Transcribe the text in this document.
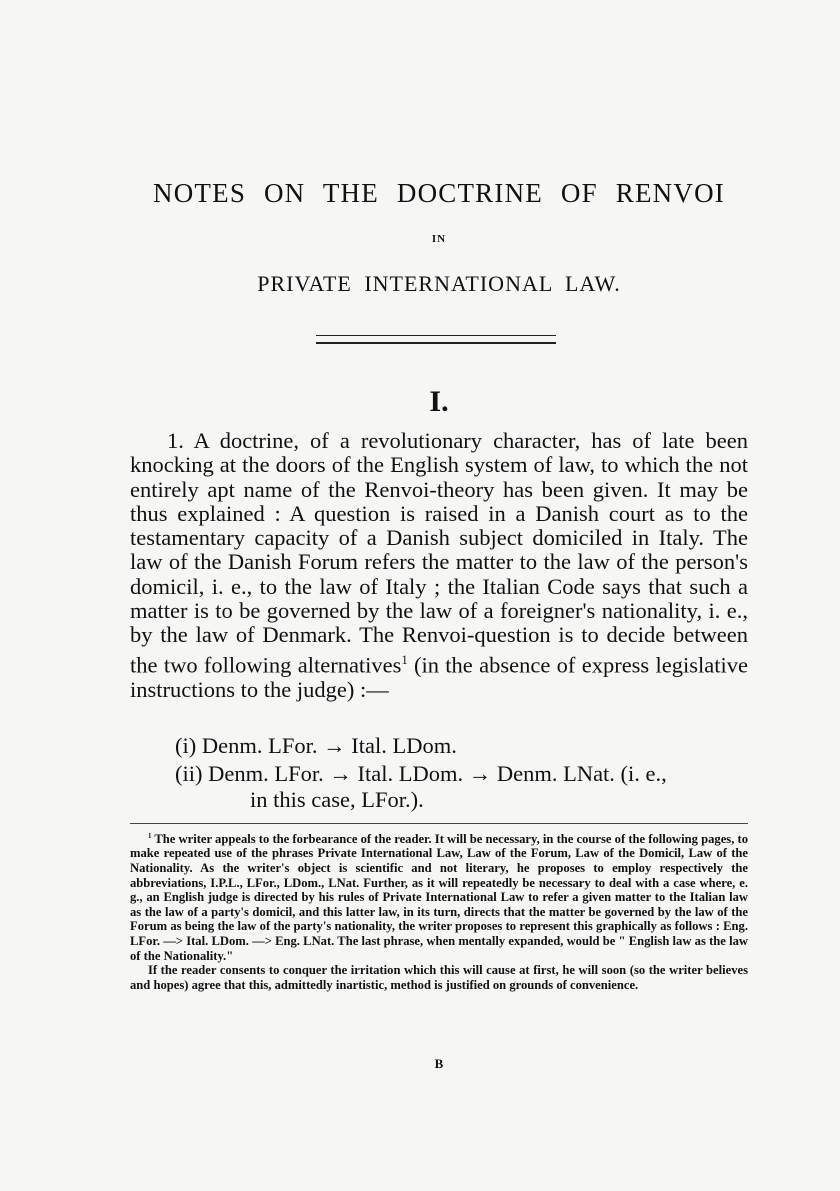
NOTES ON THE DOCTRINE OF RENVOI
IN
PRIVATE INTERNATIONAL LAW.
I.

1. A doctrine, of a revolutionary character, has of late been knocking at the doors of the English system of law, to which the not entirely apt name of the Renvoi-theory has been given. It may be thus explained : A question is raised in a Danish court as to the testamentary capacity of a Danish subject domiciled in Italy. The law of the Danish Forum refers the matter to the law of the person's domicil, i. e., to the law of Italy ; the Italian Code says that such a matter is to be governed by the law of a foreigner's nationality, i. e., by the law of Denmark. The Renvoi-question is to decide between the two following alternatives$^1$ (in the absence of express legislative instructions to the judge) :—

(i) Denm. LFor. → Ital. LDom.
(ii) Denm. LFor. → Ital. LDom. → Denm. LNat. (i. e.,
in this case, LFor.).

$^1$ The writer appeals to the forbearance of the reader. It will be necessary, in the course of the following pages, to make repeated use of the phrases Private International Law, Law of the Forum, Law of the Domicil, Law of the Nationality. As the writer's object is scientific and not literary, he proposes to employ respectively the abbreviations, I.P.L., LFor., LDom., LNat. Further, as it will repeatedly be necessary to deal with a case where, e. g., an English judge is directed by his rules of Private International Law to refer a given matter to the Italian law as the law of a party's domicil, and this latter law, in its turn, directs that the matter be governed by the law of the Forum as being the law of the party's nationality, the writer proposes to represent this graphically as follows : Eng. LFor. —> Ital. LDom. —> Eng. LNat. The last phrase, when mentally expanded, would be " English law as the law of the Nationality."

If the reader consents to conquer the irritation which this will cause at first, he will soon (so the writer believes and hopes) agree that this, admittedly inartistic, method is justified on grounds of convenience.

B
